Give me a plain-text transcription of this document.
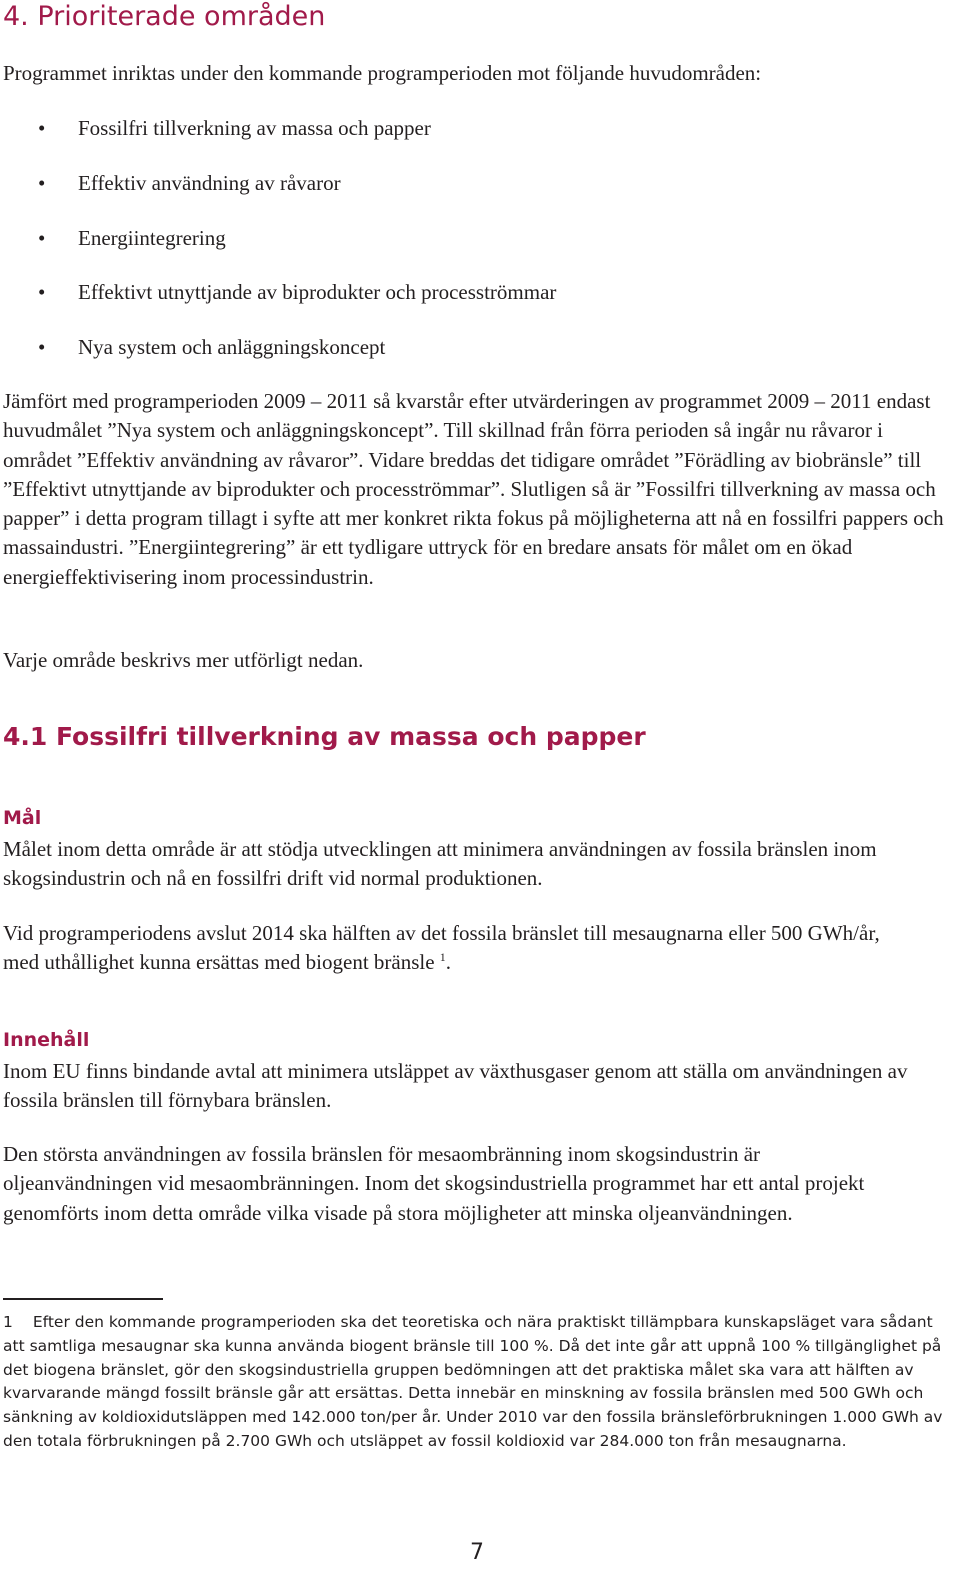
4. Prioriterade områden

Programmet inriktas under den kommande programperioden mot följande huvudområden:

• Fossilfri tillverkning av massa och papper
• Effektiv användning av råvaror
• Energiintegrering
• Effektivt utnyttjande av biprodukter och procesströmmar
• Nya system och anläggningskoncept

Jämfört med programperioden 2009 – 2011 så kvarstår efter utvärderingen av programmet 2009 – 2011 endast huvudmålet ”Nya system och anläggningskoncept”. Till skillnad från förra perioden så ingår nu råvaror i området ”Effektiv användning av råvaror”. Vidare breddas det tidigare området ”Förädling av biobränsle” till ”Effektivt utnyttjande av biprodukter och procesströmmar”. Slutligen så är ”Fossilfri tillverkning av massa och papper” i detta program tillagt i syfte att mer konkret rikta fokus på möjligheterna att nå en fossilfri pappers och massaindustri. ”Energiintegrering” är ett tydligare uttryck för en bredare ansats för målet om en ökad energieffektivisering inom processindustrin.

Varje område beskrivs mer utförligt nedan.

4.1 Fossilfri tillverkning av massa och papper
Mål

Målet inom detta område är att stödja utvecklingen att minimera användningen av fossila bränslen inom skogsindustrin och nå en fossilfri drift vid normal produktionen.

Vid programperiodens avslut 2014 ska hälften av det fossila bränslet till mesaugnarna eller 500 GWh/år, med uthållighet kunna ersättas med biogent bränsle $^1$.

Innehåll

Inom EU finns bindande avtal att minimera utsläppet av växthusgaser genom att ställa om användningen av fossila bränslen till förnybara bränslen.

Den största användningen av fossila bränslen för mesaombränning inom skogsindustrin är oljeanvändningen vid mesaombränningen. Inom det skogsindustriella programmet har ett antal projekt genomförts inom detta område vilka visade på stora möjligheter att minska oljeanvändningen.

1 Efter den kommande programperioden ska det teoretiska och nära praktiskt tillämpbara kunskapsläget vara sådant att samtliga mesaugnar ska kunna använda biogent bränsle till 100 %. Då det inte går att uppnå 100 % tillgänglighet på det biogena bränslet, gör den skogsindustriella gruppen bedömningen att det praktiska målet ska vara att hälften av kvarvarande mängd fossilt bränsle går att ersättas. Detta innebär en minskning av fossila bränslen med 500 GWh och sänkning av koldioxidutsläppen med 142.000 ton/per år. Under 2010 var den fossila bränsleförbrukningen 1.000 GWh av den totala förbrukningen på 2.700 GWh och utsläppet av fossil koldioxid var 284.000 ton från mesaugnarna.

7
